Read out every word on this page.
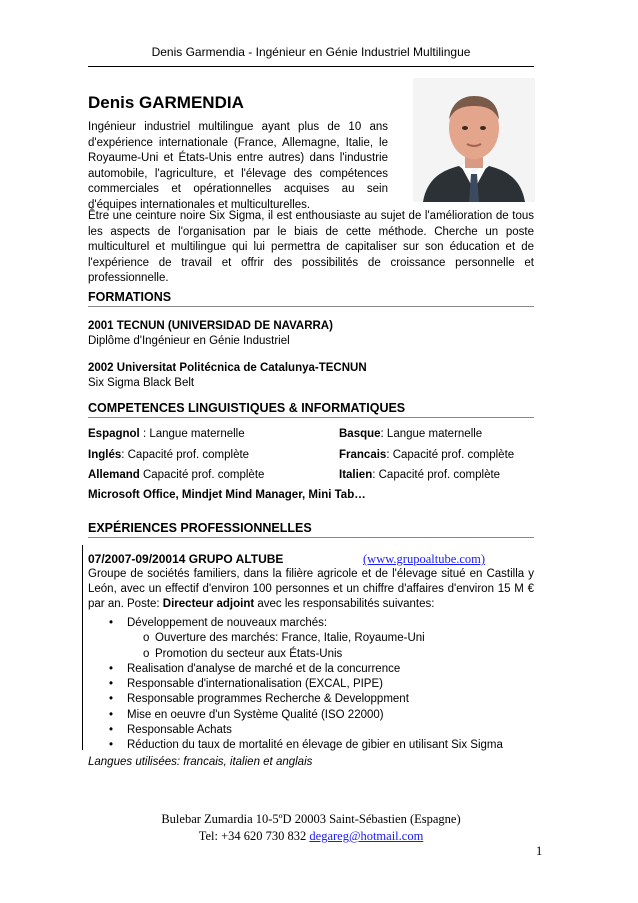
Denis Garmendia - Ingénieur en Génie Industriel Multilingue
Denis GARMENDIA
Ingénieur industriel multilingue ayant plus de 10 ans d'expérience internationale (France, Allemagne, Italie, le Royaume-Uni et États-Unis entre autres) dans l'industrie automobile, l'agriculture, et l'élevage des compétences commerciales et opérationnelles acquises au sein d'équipes internationales et multiculturelles.
Être une ceinture noire Six Sigma, il est enthousiaste au sujet de l'amélioration de tous les aspects de l'organisation par le biais de cette méthode. Cherche un poste multiculturel et multilingue qui lui permettra de capitaliser sur son éducation et de l'expérience de travail et offrir des possibilités de croissance personnelle et professionnelle.
FORMATIONS
2001 TECNUN (UNIVERSIDAD DE NAVARRA)
Diplôme d'Ingénieur en Génie Industriel
2002 Universitat Politécnica de Catalunya-TECNUN
Six Sigma Black Belt
COMPETENCES LINGUISTIQUES & INFORMATIQUES
Espagnol : Langue maternelle	Basque: Langue maternelle
Inglés: Capacité prof. complète	Francais: Capacité prof. complète
Allemand Capacité prof. complète	Italien: Capacité prof. complète
Microsoft Office, Mindjet Mind Manager, Mini Tab…
EXPÉRIENCES PROFESSIONNELLES
07/2007-09/20014 GRUPO ALTUBE	(www.grupoaltube.com)
Groupe de sociétés familiers, dans la filière agricole et de l'élevage situé en Castilla y León, avec un effectif d'environ 100 personnes et un chiffre d'affaires d'environ 15 M € par an. Poste: Directeur adjoint avec les responsabilités suivantes:
• Développement de nouveaux marchés:
o Ouverture des marchés: France, Italie, Royaume-Uni
o Promotion du secteur aux États-Unis
• Realisation d'analyse de marché et de la concurrence
• Responsable d'internationalisation (EXCAL, PIPE)
• Responsable programmes Recherche & Developpment
• Mise en oeuvre d'un Système Qualité (ISO 22000)
• Responsable Achats
• Réduction du taux de mortalité en élevage de gibier en utilisant Six Sigma
Langues utilisées: francais, italien et anglais
Bulebar Zumardia 10-5ºD 20003 Saint-Sébastien (Espagne)
Tel: +34 620 730 832 degareg@hotmail.com
1
